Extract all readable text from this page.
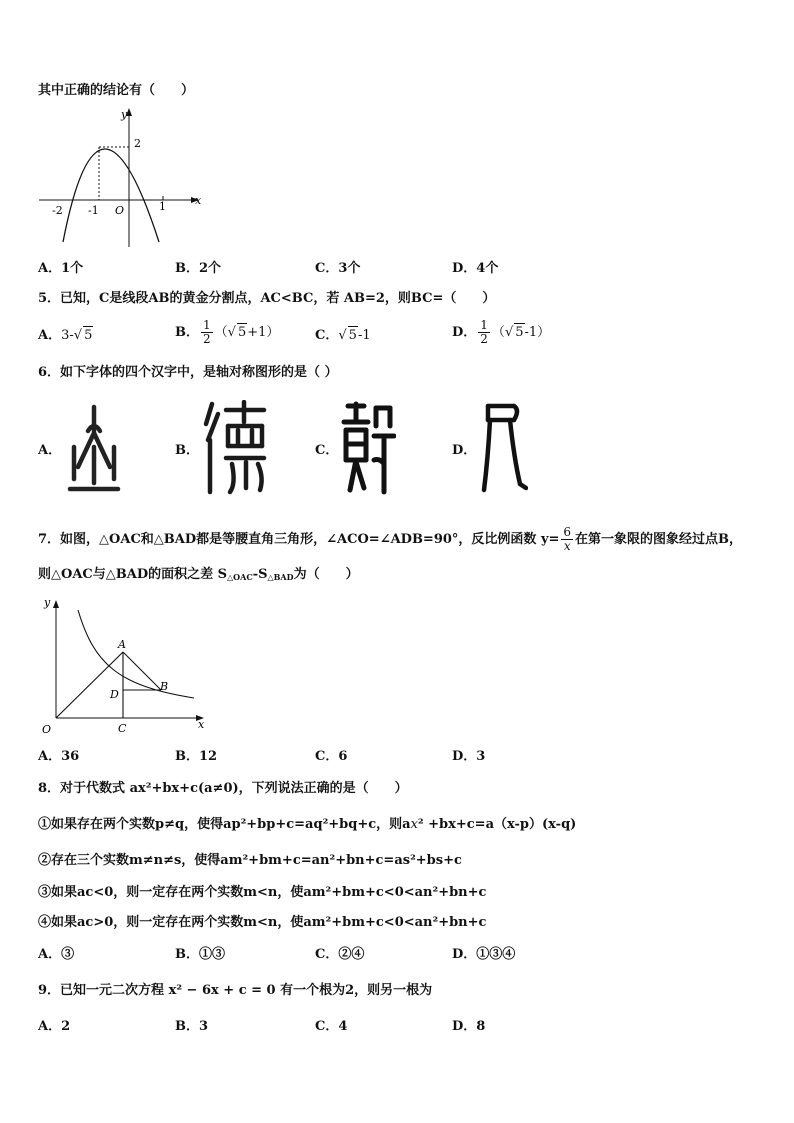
其中正确的结论有（　　）
y
x
O
2
-2 -1	1
A．1个	B．2个	C．3个	D．4个
5．已知，C是线段AB的黄金分割点，AC<BC，若 AB=2，则BC=（　　）
A．3-√ 5	B． $\frac{1}{2}$ （√ 5+1）	C．√ 5-1	D． $\frac{1}{2}$ （√ 5-1）
6．如下字体的四个汉字中，是轴对称图形的是（ ）
A．	B．	C．	D．
7．如图，△OAC和△BAD都是等腰直角三角形，∠ACO=∠ADB=90°，反比例函数 $y= \frac{6}{x}$ 在第一象限的图象经过点B，
则△OAC与△BAD的面积之差 $S_{\triangle OAC}-S_{\triangle BAD}$为（　　）
y
x
O
A
B
C
D
A．36	B．12	C．6	D．3
8．对于代数式 ax²+bx+c(a≠0)，下列说法正确的是（　　）
①如果存在两个实数p≠q，使得ap²+bp+c=aq²+bq+c，则ax² +bx+c=a（x-p）(x-q)
②存在三个实数m≠n≠s，使得am²+bm+c=an²+bn+c=as²+bs+c
③如果ac<0，则一定存在两个实数m<n，使am²+bm+c<0<an²+bn+c
④如果ac>0，则一定存在两个实数m<n，使am²+bm+c<0<an²+bn+c
A．③	B．①③	C．②④	D．①③④
9．已知一元二次方程 x² − 6x + c = 0 有一个根为2，则另一根为
A．2	B．3	C．4	D．8
